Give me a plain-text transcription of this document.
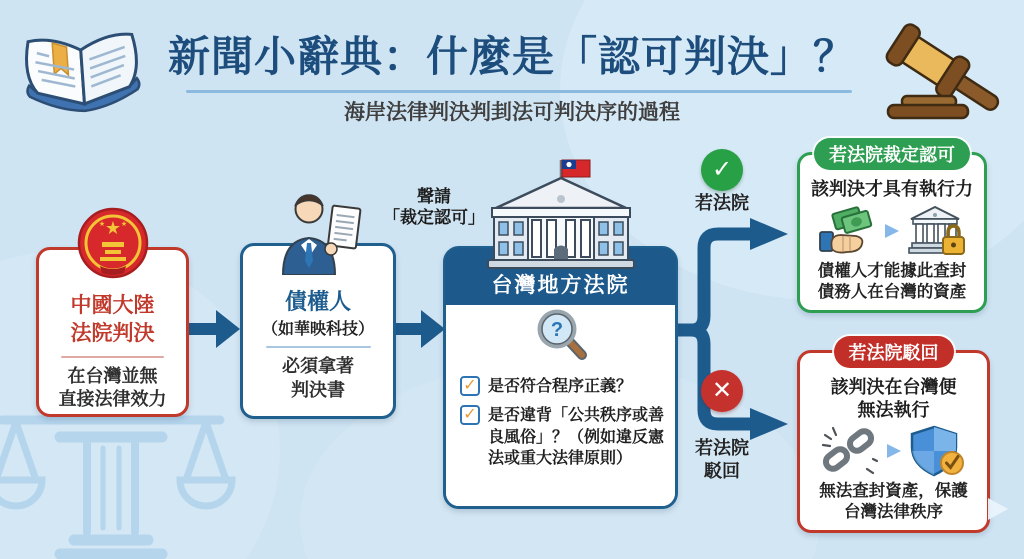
新聞小辭典：什麼是「認可判決」？
海岸法律判決判刲法可判決序的過程
★
★ ★
中國大陸
法院判決
在台灣並無
直接法律效力
債權人
（如華映科技）
必須拿著
判決書
聲請
「裁定認可」
台灣地方法院
?
✓ 是否符合程序正義？
✓ 是否違背「公共秩序或善良風俗」？（例如違反憲法或重大法律原則）
✓
若法院
✕
若法院
駁回
若法院裁定認可
該判決才具有執行力
債權人才能據此查封
債務人在台灣的資產
若法院駁回
該判決在台灣便
無法執行
無法查封資產，保護
台灣法律秩序
